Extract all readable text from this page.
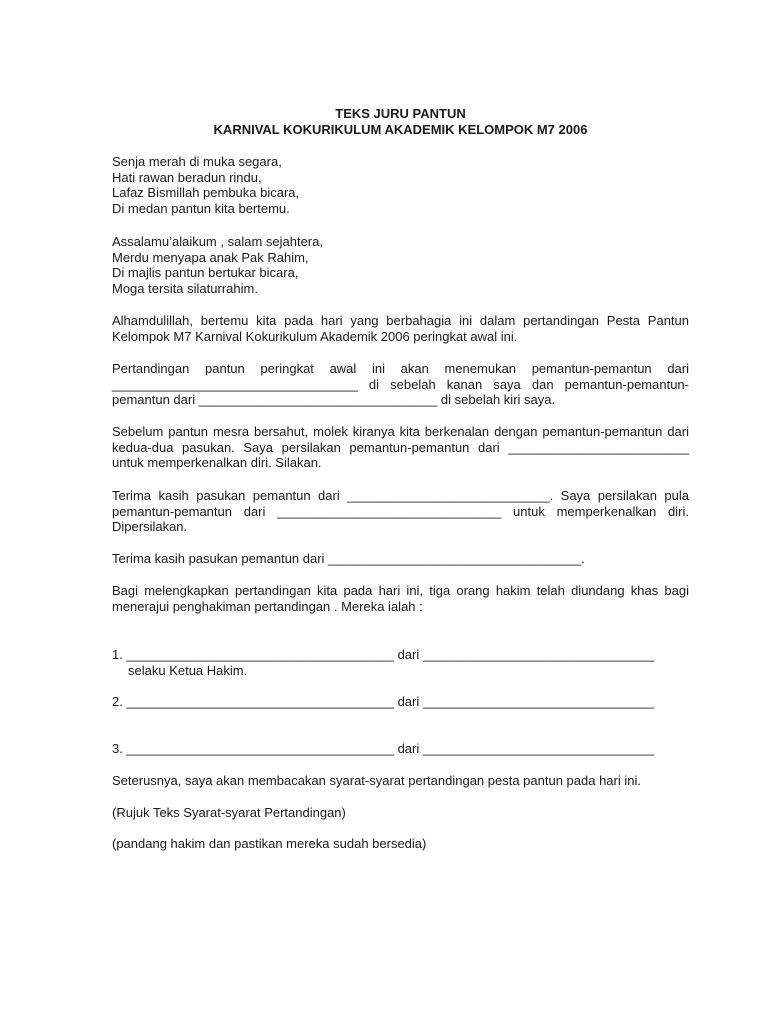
TEKS JURU PANTUN
KARNIVAL KOKURIKULUM AKADEMIK KELOMPOK M7 2006
Senja merah di muka segara,
Hati rawan beradun rindu,
Lafaz Bismillah pembuka bicara,
Di medan pantun kita bertemu.
Assalamu’alaikum , salam sejahtera,
Merdu menyapa anak Pak Rahim,
Di majlis pantun bertukar bicara,
Moga tersita silaturrahim.
Alhamdulillah, bertemu kita pada hari yang berbahagia ini dalam pertandingan Pesta Pantun Kelompok M7 Karnival Kokurikulum Akademik 2006 peringkat awal ini.
Pertandingan pantun peringkat awal ini akan menemukan pemantun-pemantun dari __________________________________ di sebelah kanan saya dan pemantun-pemantun-pemantun dari _________________________________ di sebelah kiri saya.
Sebelum pantun mesra bersahut, molek kiranya kita berkenalan dengan pemantun-pemantun dari kedua-dua pasukan. Saya persilakan pemantun-pemantun dari _________________________ untuk memperkenalkan diri. Silakan.
Terima kasih pasukan pemantun dari ____________________________. Saya persilakan pula pemantun-pemantun dari _______________________________ untuk memperkenalkan diri. Dipersilakan.
Terima kasih pasukan pemantun dari ___________________________________.
Bagi melengkapkan pertandingan kita pada hari ini, tiga orang hakim telah diundang khas bagi menerajui penghakiman pertandingan . Mereka ialah :
1. _____________________________________ dari ________________________________
selaku Ketua Hakim.
2. _____________________________________ dari ________________________________
3. _____________________________________ dari ________________________________
Seterusnya, saya akan membacakan syarat-syarat pertandingan pesta pantun pada hari ini.
(Rujuk Teks Syarat-syarat Pertandingan)
(pandang hakim dan pastikan mereka sudah bersedia)
